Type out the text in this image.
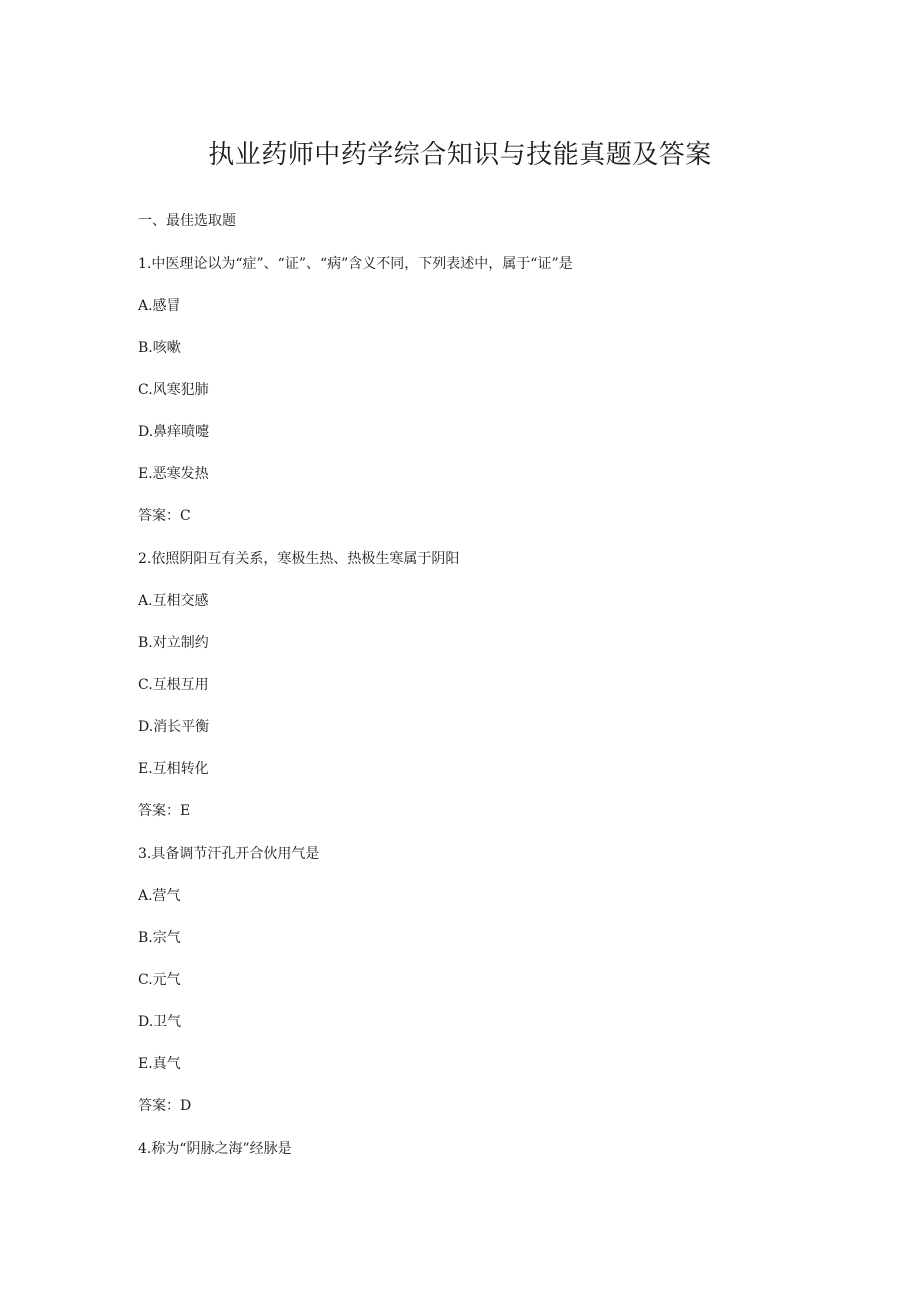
执业药师中药学综合知识与技能真题及答案
一、最佳选取题
1.中医理论以为“症”、“证”、“病”含义不同，下列表述中，属于“证”是
A.感冒
B.咳嗽
C.风寒犯肺
D.鼻痒喷嚏
E.恶寒发热
答案：C
2.依照阴阳互有关系，寒极生热、热极生寒属于阴阳
A.互相交感
B.对立制约
C.互根互用
D.消长平衡
E.互相转化
答案：E
3.具备调节汗孔开合伙用气是
A.营气
B.宗气
C.元气
D.卫气
E.真气
答案：D
4.称为“阴脉之海”经脉是
